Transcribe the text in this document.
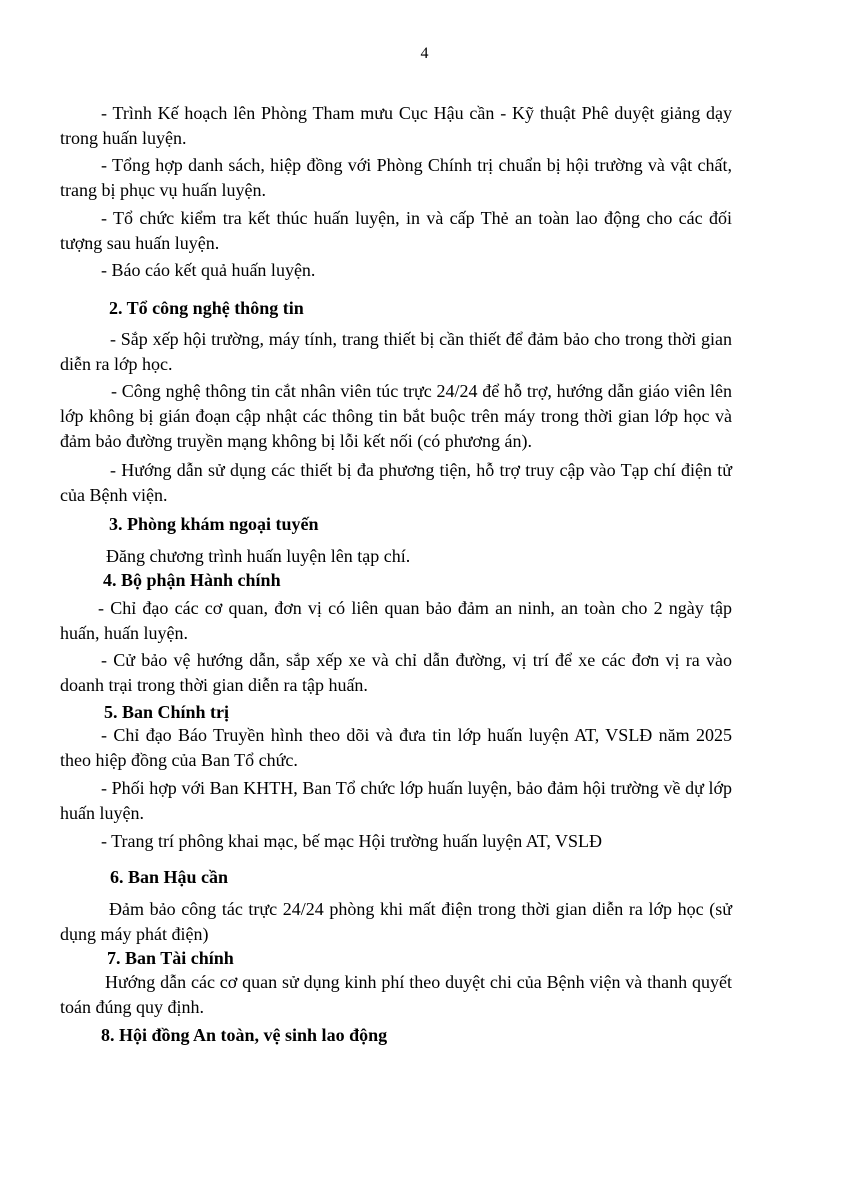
4
- Trình Kế hoạch lên Phòng Tham mưu Cục Hậu cần - Kỹ thuật Phê duyệt giảng dạy trong huấn luyện.
- Tổng hợp danh sách, hiệp đồng với Phòng Chính trị chuẩn bị hội trường và vật chất, trang bị phục vụ huấn luyện.
- Tổ chức kiểm tra kết thúc huấn luyện, in và cấp Thẻ an toàn lao động cho các đối tượng sau huấn luyện.
- Báo cáo kết quả huấn luyện.
2. Tổ công nghệ thông tin
- Sắp xếp hội trường, máy tính, trang thiết bị cần thiết để đảm bảo cho trong thời gian diễn ra lớp học.
- Công nghệ thông tin cắt nhân viên túc trực 24/24 để hỗ trợ, hướng dẫn giáo viên lên lớp không bị gián đoạn cập nhật các thông tin bắt buộc trên máy trong thời gian lớp học và đảm bảo đường truyền mạng không bị lỗi kết nối (có phương án).
- Hướng dẫn sử dụng các thiết bị đa phương tiện, hỗ trợ truy cập vào Tạp chí điện tử của Bệnh viện.
3. Phòng khám ngoại tuyến
Đăng chương trình huấn luyện lên tạp chí.
4. Bộ phận Hành chính
- Chỉ đạo các cơ quan, đơn vị có liên quan bảo đảm an ninh, an toàn cho 2 ngày tập huấn, huấn luyện.
- Cử bảo vệ hướng dẫn, sắp xếp xe và chỉ dẫn đường, vị trí để xe các đơn vị ra vào doanh trại trong thời gian diễn ra tập huấn.
5. Ban Chính trị
- Chỉ đạo Báo Truyền hình theo dõi và đưa tin lớp huấn luyện AT, VSLĐ năm 2025 theo hiệp đồng của Ban Tổ chức.
- Phối hợp với Ban KHTH, Ban Tổ chức lớp huấn luyện, bảo đảm hội trường về dự lớp huấn luyện.
- Trang trí phông khai mạc, bế mạc Hội trường huấn luyện AT, VSLĐ
6. Ban Hậu cần
Đảm bảo công tác trực 24/24 phòng khi mất điện trong thời gian diễn ra lớp học (sử dụng máy phát điện)
7. Ban Tài chính
Hướng dẫn các cơ quan sử dụng kinh phí theo duyệt chi của Bệnh viện và thanh quyết toán đúng quy định.
8. Hội đồng An toàn, vệ sinh lao động
